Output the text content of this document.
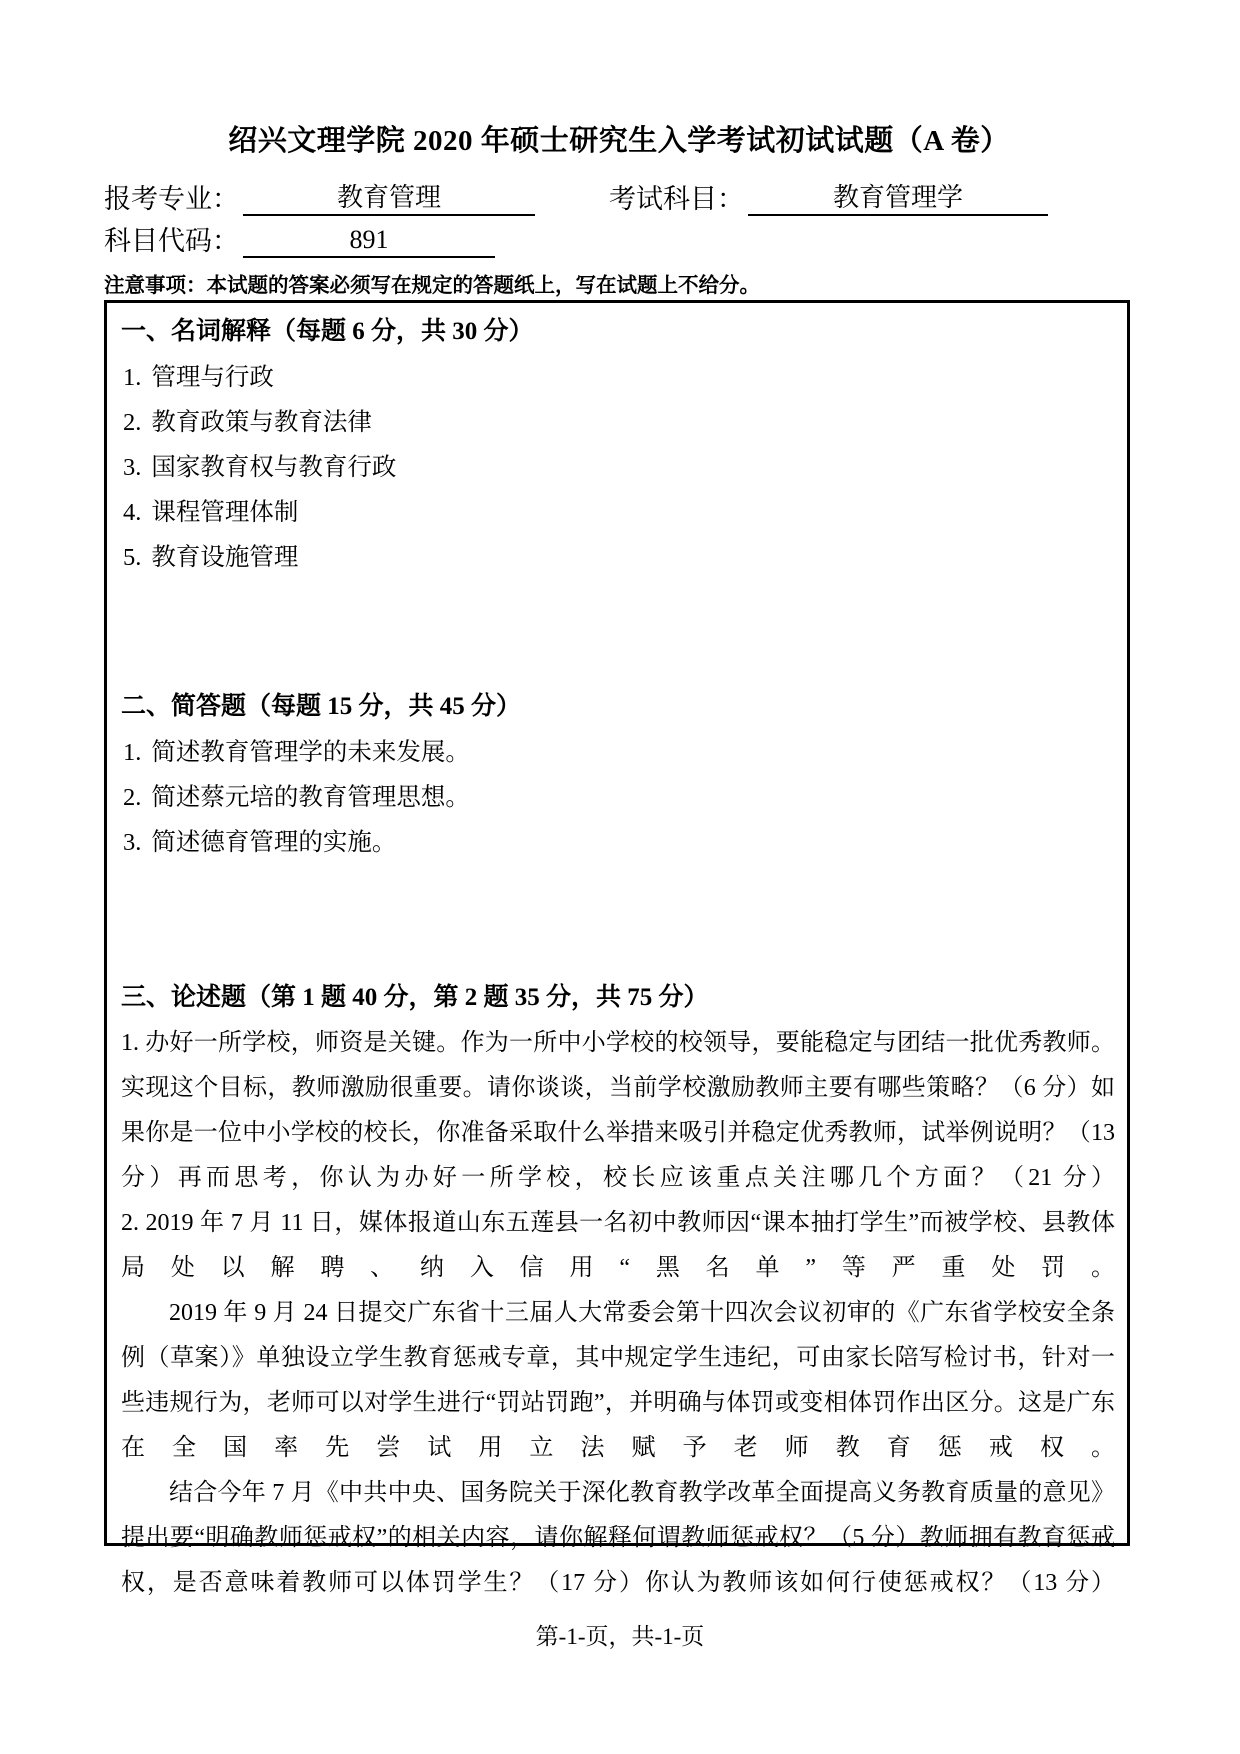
绍兴文理学院 2020 年硕士研究生入学考试初试试题（A 卷）
报考专业：	教育管理	考试科目：	教育管理学
科目代码：	891
注意事项：本试题的答案必须写在规定的答题纸上，写在试题上不给分。
一、名词解释（每题 6 分，共 30 分）
1. 管理与行政
2. 教育政策与教育法律
3. 国家教育权与教育行政
4. 课程管理体制
5. 教育设施管理
二、简答题（每题 15 分，共 45 分）
1. 简述教育管理学的未来发展。
2. 简述蔡元培的教育管理思想。
3. 简述德育管理的实施。
三、论述题（第 1 题 40 分，第 2 题 35 分，共 75 分）
1. 办好一所学校，师资是关键。作为一所中小学校的校领导，要能稳定与团结一批优秀教师。实现这个目标，教师激励很重要。请你谈谈，当前学校激励教师主要有哪些策略？（6 分）如果你是一位中小学校的校长，你准备采取什么举措来吸引并稳定优秀教师，试举例说明？（13 分）再而思考，你认为办好一所学校，校长应该重点关注哪几个方面？（21 分）
2. 2019 年 7 月 11 日，媒体报道山东五莲县一名初中教师因“课本抽打学生”而被学校、县教体局处以解聘、纳入信用“黑名单”等严重处罚。
2019 年 9 月 24 日提交广东省十三届人大常委会第十四次会议初审的《广东省学校安全条例（草案）》单独设立学生教育惩戒专章，其中规定学生违纪，可由家长陪写检讨书，针对一些违规行为，老师可以对学生进行“罚站罚跑”，并明确与体罚或变相体罚作出区分。这是广东在全国率先尝试用立法赋予老师教育惩戒权。
结合今年 7 月《中共中央、国务院关于深化教育教学改革全面提高义务教育质量的意见》提出要“明确教师惩戒权”的相关内容，请你解释何谓教师惩戒权？（5 分）教师拥有教育惩戒权，是否意味着教师可以体罚学生？（17 分）你认为教师该如何行使惩戒权？（13 分）
第-1-页，共-1-页
